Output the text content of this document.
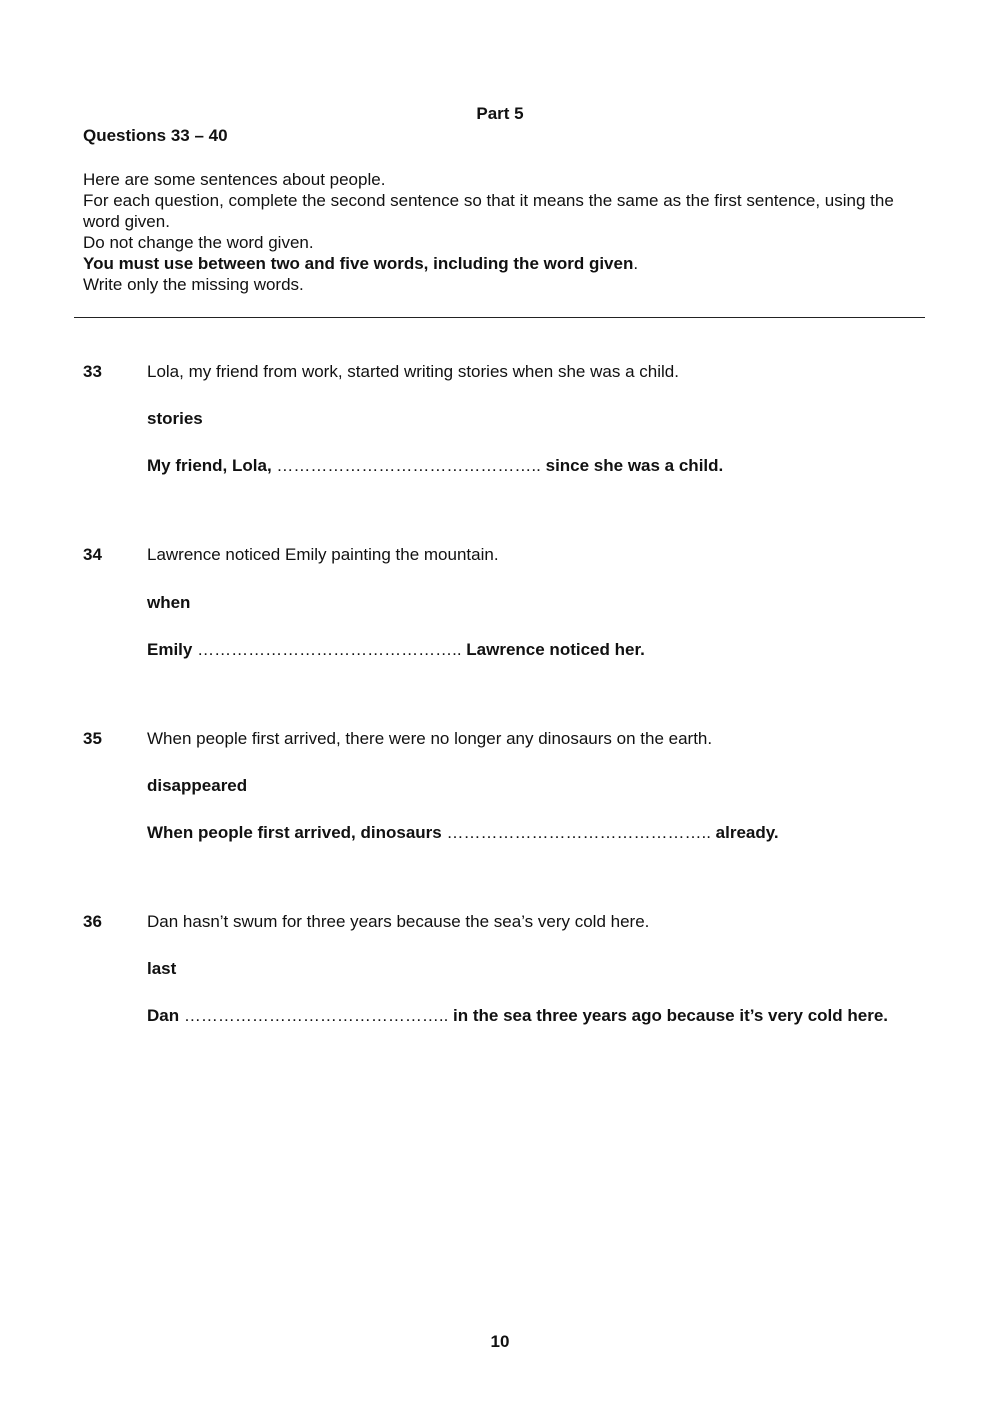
Part 5
Questions 33 – 40
Here are some sentences about people.
For each question, complete the second sentence so that it means the same as the first sentence, using the word given.
Do not change the word given.
You must use between two and five words, including the word given.
Write only the missing words.
33	Lola, my friend from work, started writing stories when she was a child.
stories
My friend, Lola, ……………………………………….. since she was a child.
34	Lawrence noticed Emily painting the mountain.
when
Emily ……………………………………….. Lawrence noticed her.
35	When people first arrived, there were no longer any dinosaurs on the earth.
disappeared
When people first arrived, dinosaurs ……………………………………….. already.
36	Dan hasn’t swum for three years because the sea’s very cold here.
last
Dan ……………………………………….. in the sea three years ago because it’s very cold here.
10
